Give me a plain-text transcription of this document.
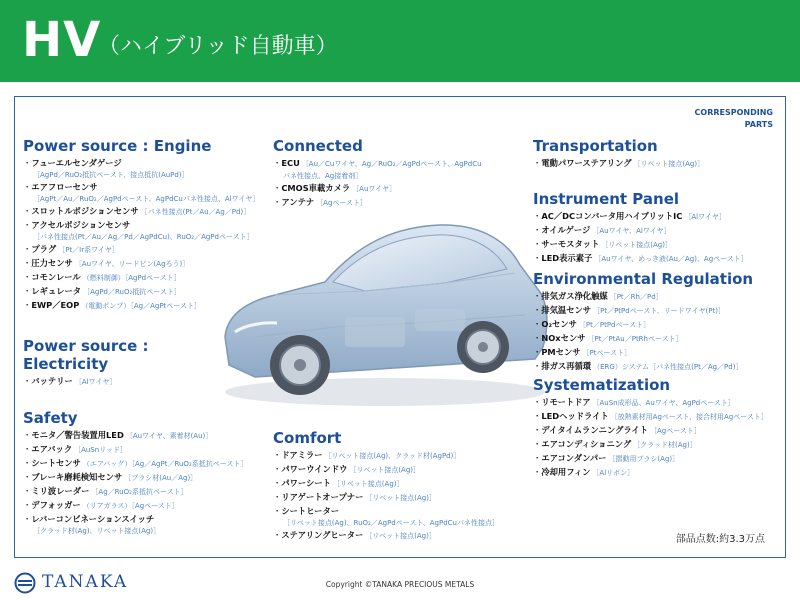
HV
（ハイブリッド自動車）
CORRESPONDING
PARTS
Power source : Engine
・ フューエルセンダゲージ
［AgPd／RuO₂抵抗ペースト、接点抵抗(AuPd)］
・ エアフローセンサ
［AgPt／Au／RuO₂／AgPdペースト、AgPdCuパネ性接点、Alワイヤ］
・ スロットルポジションセンサ ［パネ性接点(Pt／Au／Ag／Pd)］
・ アクセルポジションセンサ
［パネ性接点(Pt／Au／Ag／Pd／AgPdCu)、RuO₂／AgPdペースト］
・ プラグ ［Pt／Ir系ワイヤ］
・ 圧力センサ ［Auワイヤ、リードピン(Agろう)］
・ コモンレール （燃料制御）［AgPdペースト］
・ レギュレータ ［AgPd／RuO₂抵抗ペースト］
・ EWP／EOP （電動ポンプ）［Ag／AgPtペースト］
Power source :
Electricity
・ バッテリー ［Alワイヤ］
Safety
・ モニタ／警告装置用LED ［Auワイヤ、素着材(Au)］
・ エアバック ［AuSnリッド］
・ シートセンサ （エアバッグ）［Ag／AgPt／RuO₂系抵抗ペースト］
・ ブレーキ磨耗検知センサ ［ブラシ材(Au／Ag)］
・ ミリ波レーダー ［Ag／RuO₂系抵抗ペースト］
・ デフォッガー （リアガラス）［Agペースト］
・ レバーコンビネーションスイッチ
［クラッド材(Ag)、リベット接点(Ag)］
Connected
・ ECU ［Au／Cuワイヤ、Ag／RuO₂／AgPdペースト、AgPdCu
パネ性接点、Ag接着剤］
・ CMOS車載カメラ ［Auワイヤ］
・ アンテナ ［Agペースト］
Comfort
・ ドアミラー ［リベット接点(Ag)、クラッド材(AgPd)］
・ パワーウインドウ ［リベット接点(Ag)］
・ パワーシート ［リベット接点(Ag)］
・ リアゲートオープナー ［リベット接点(Ag)］
・ シートヒーター
［リベット接点(Ag)、RuO₂／AgPdペースト、AgPdCuパネ性接点］
・ ステアリングヒーター ［リベット接点(Ag)］
Transportation
・ 電動パワーステアリング ［リベット接点(Ag)］
Instrument Panel
・ AC／DCコンバータ用ハイブリットIC ［Alワイヤ］
・ オイルゲージ ［Auワイヤ、Alワイヤ］
・ サーモスタット ［リベット接点(Ag)］
・ LED表示素子 ［Auワイヤ、めっき液(Au／Ag)、Agペースト］
Environmental Regulation
・ 排気ガス浄化触媒 ［Pt／Rh／Pd］
・ 排気温センサ ［Pt／PtPdペースト、リードワイヤ(Pt)］
・ O₂センサ ［Pt／PtPdペースト］
・ NOxセンサ ［Pt／PtAu／PtRhペースト］
・ PMセンサ ［Ptペースト］
・ 排ガス再循環 （ERG）システム［パネ性接点(Pt／Ag／Pd)］
Systematization
・ リモートドア ［AuSn成形品、Auワイヤ、AgPdペースト］
・ LEDヘッドライト ［放熱素材用Agペースト、接合材用Agペースト］
・ デイタイムランニングライト ［Agペースト］
・ エアコンディショニング ［クラッド材(Ag)］
・ エアコンダンパー ［摺動用ブラシ(Ag)］
・ 冷却用フィン ［Alリボン］
部品点数:約3.3万点
TANAKA	Copyright ©TANAKA PRECIOUS METALS
